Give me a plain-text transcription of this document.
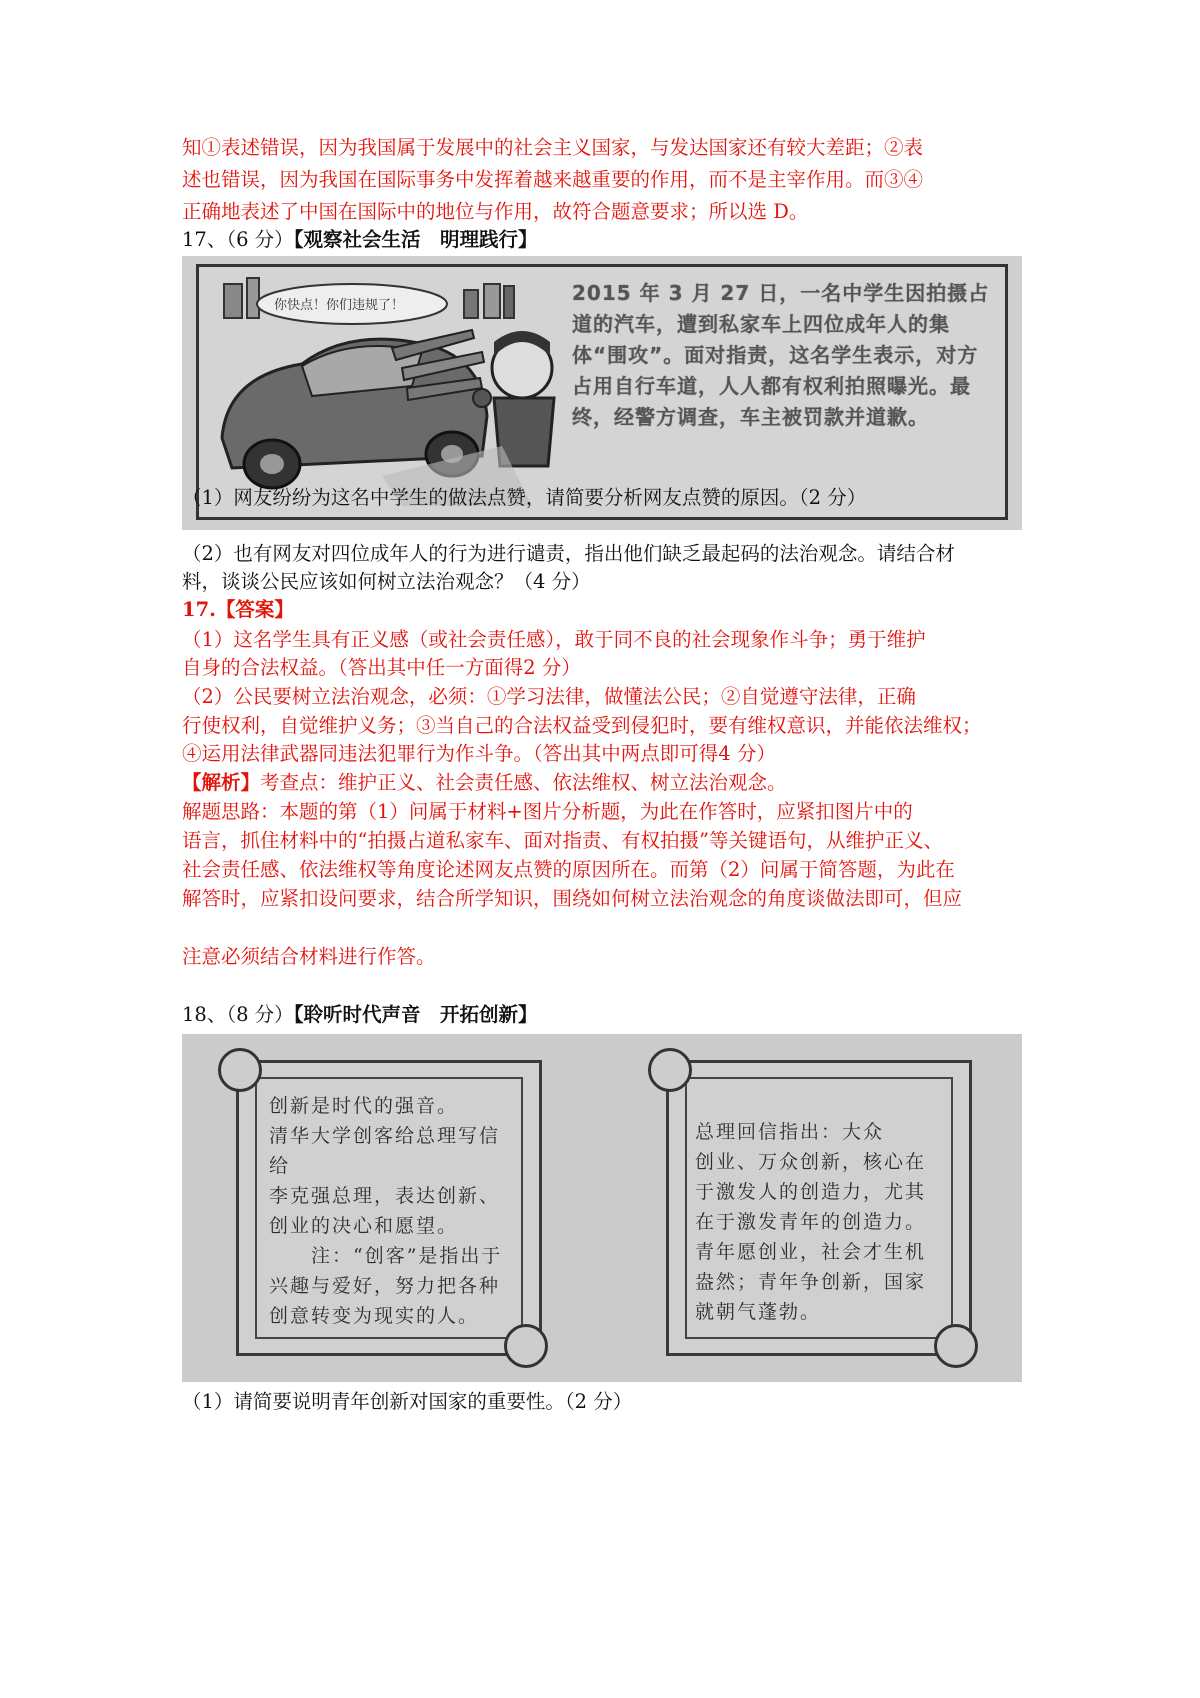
知①表述错误，因为我国属于发展中的社会主义国家，与发达国家还有较大差距；②表
述也错误，因为我国在国际事务中发挥着越来越重要的作用，而不是主宰作用。而③④
正确地表述了中国在国际中的地位与作用，故符合题意要求；所以选 D。
17、（6 分）【观察社会生活　明理践行】
2015 年 3 月 27 日，一名中学生因拍摄占道的汽车，遭到私家车上四位成年人的集体“围攻”。面对指责，这名学生表示，对方占用自行车道，人人都有权利拍照曝光。最终，经警方调查，车主被罚款并道歉。
你快点！你们违规了！
（1）网友纷纷为这名中学生的做法点赞，请简要分析网友点赞的原因。（2 分）
（2）也有网友对四位成年人的行为进行谴责，指出他们缺乏最起码的法治观念。请结合材
料，谈谈公民应该如何树立法治观念？（4 分）
17.【答案】
（1）这名学生具有正义感（或社会责任感），敢于同不良的社会现象作斗争；勇于维护
自身的合法权益。（答出其中任一方面得2 分）
（2）公民要树立法治观念，必须：①学习法律，做懂法公民；②自觉遵守法律，正确
行使权利，自觉维护义务；③当自己的合法权益受到侵犯时，要有维权意识，并能依法维权；
④运用法律武器同违法犯罪行为作斗争。（答出其中两点即可得4 分）
【解析】考查点：维护正义、社会责任感、依法维权、树立法治观念。
解题思路：本题的第（1）问属于材料+图片分析题，为此在作答时，应紧扣图片中的
语言，抓住材料中的“拍摄占道私家车、面对指责、有权拍摄”等关键语句，从维护正义、
社会责任感、依法维权等角度论述网友点赞的原因所在。而第（2）问属于简答题，为此在
解答时，应紧扣设问要求，结合所学知识，围绕如何树立法治观念的角度谈做法即可，但应
注意必须结合材料进行作答。
18、（8 分）【聆听时代声音　开拓创新】
创新是时代的强音。
清华大学创客给总理写信给
李克强总理，表达创新、
创业的决心和愿望。
　　注：“创客”是指出于
兴趣与爱好，努力把各种
创意转变为现实的人。
总理回信指出：大众
创业、万众创新，核心在
于激发人的创造力，尤其
在于激发青年的创造力。
青年愿创业，社会才生机
盎然；青年争创新，国家
就朝气蓬勃。
（1）请简要说明青年创新对国家的重要性。（2 分）
